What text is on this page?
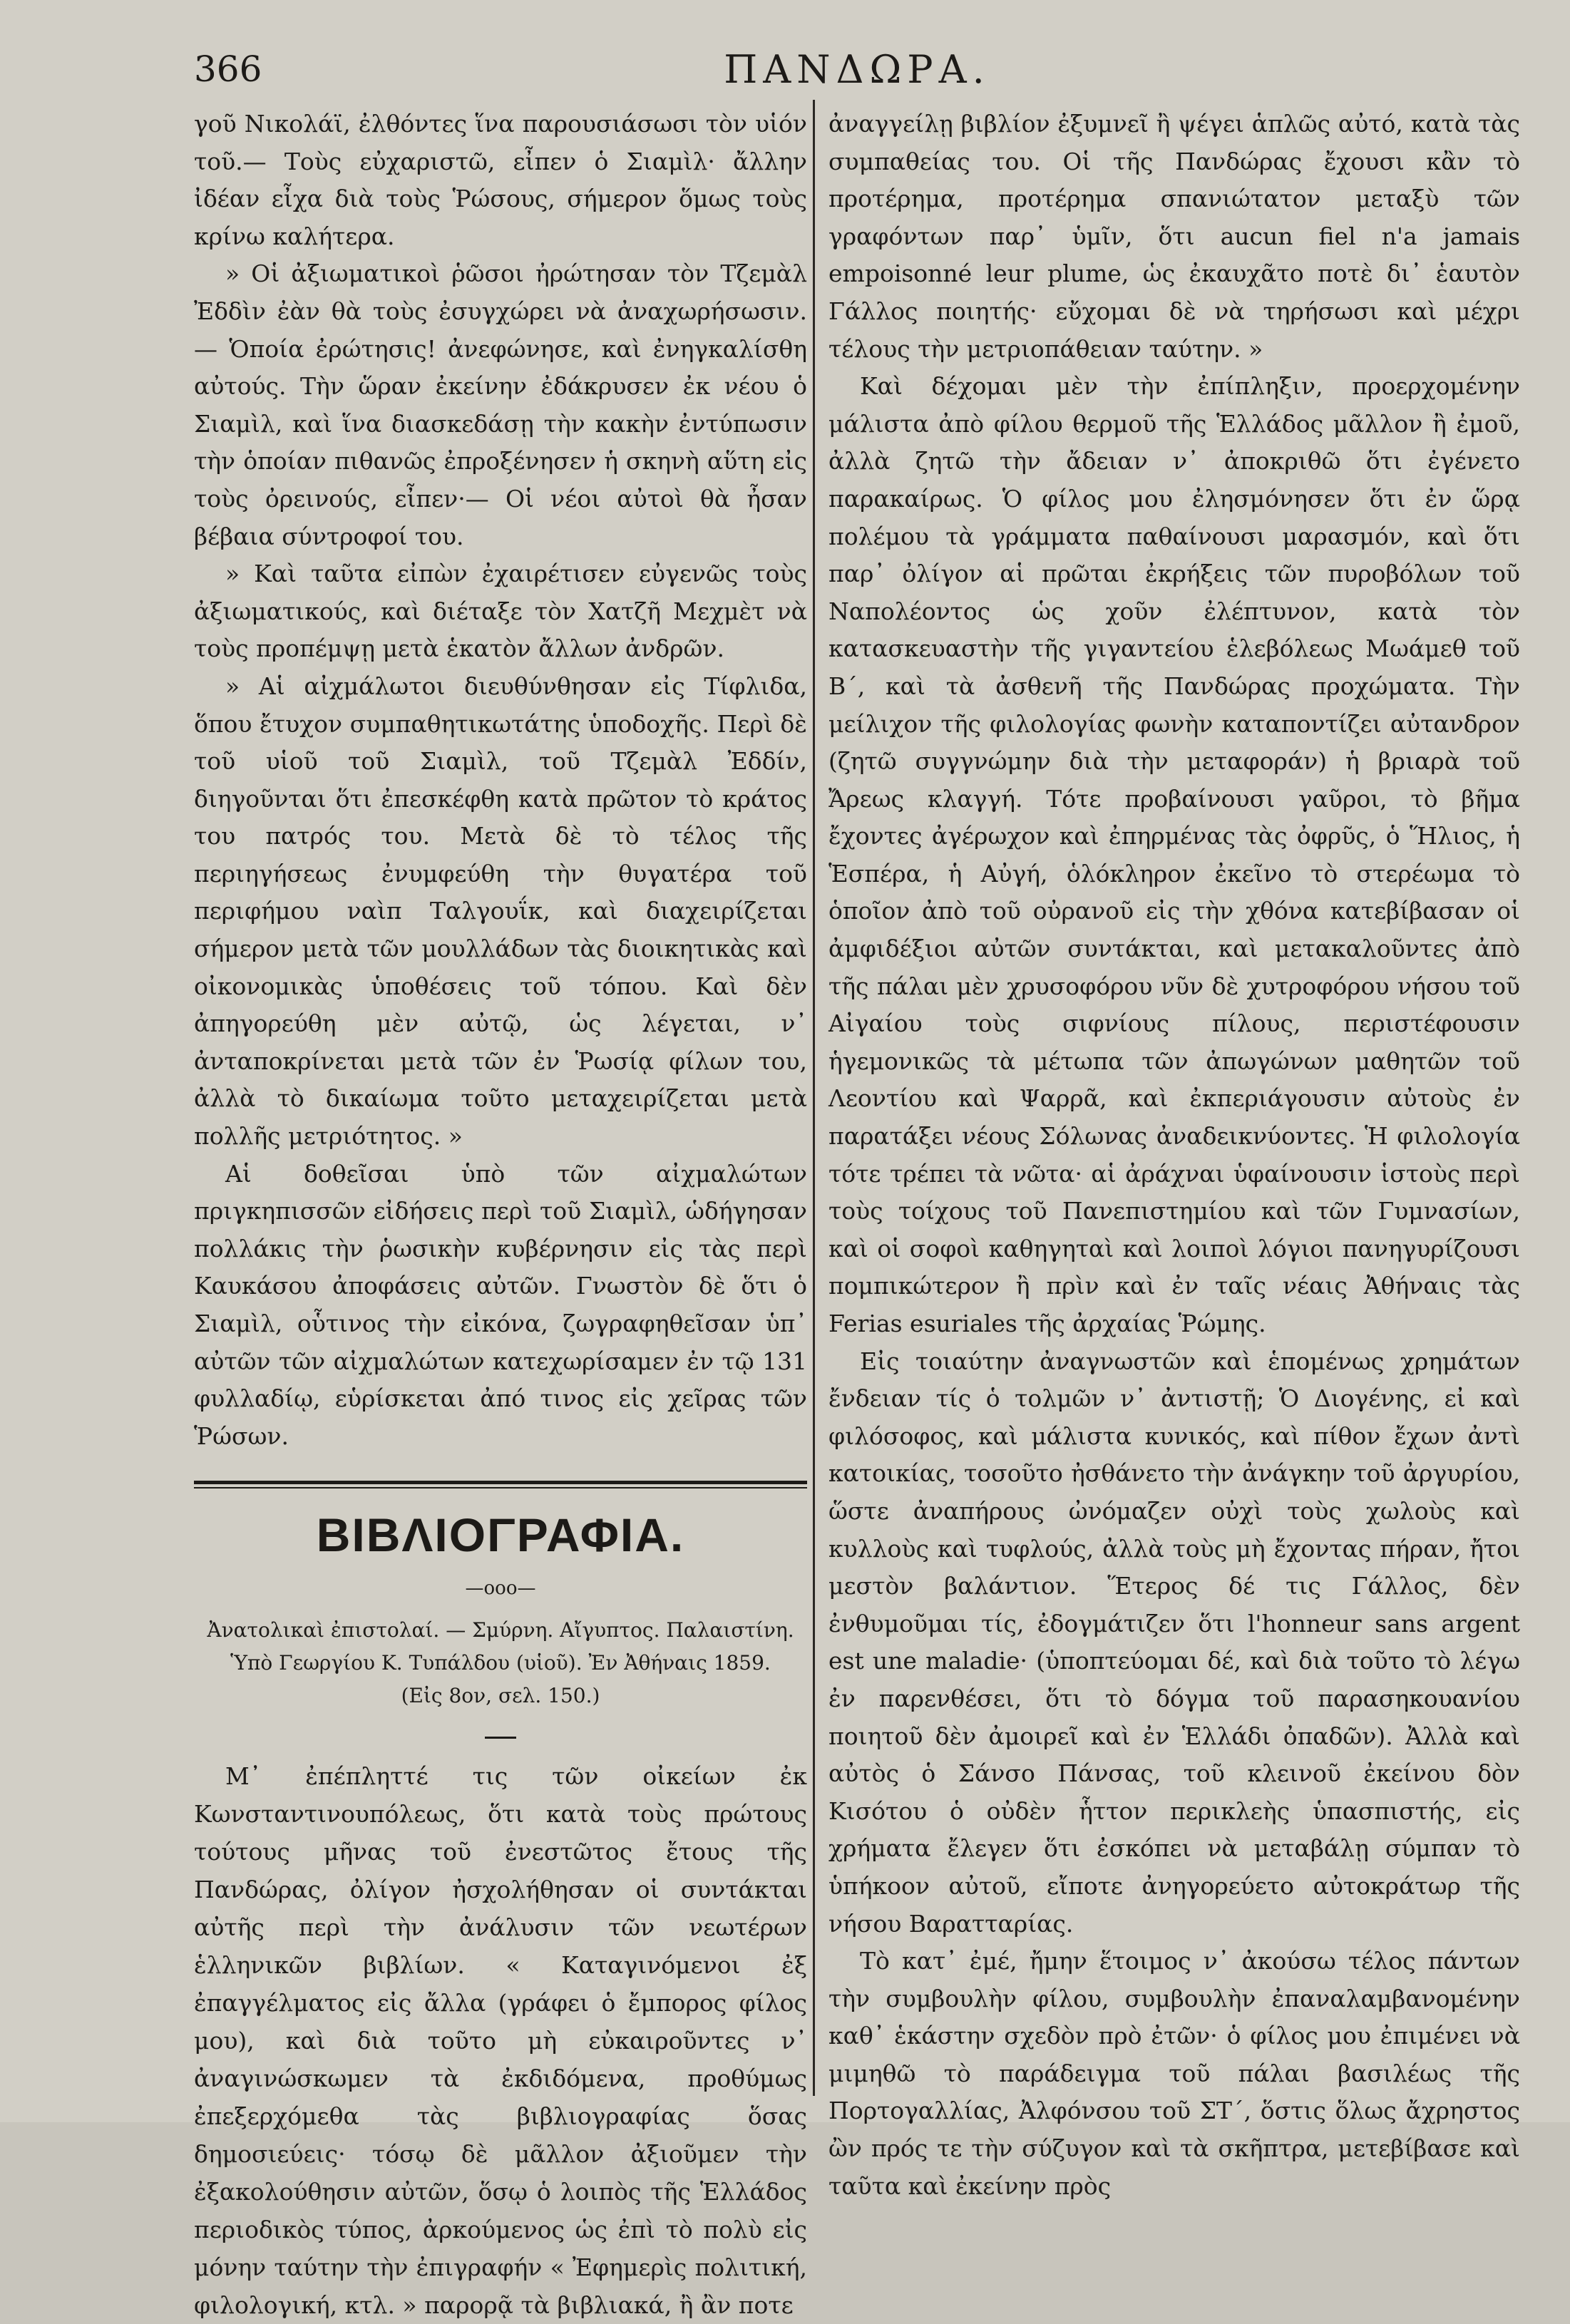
366	ΠΑΝΔΩΡΑ.

γοῦ Νικολάϊ, ἐλθόντες ἵνα παρουσιάσωσι τὸν υἱόν τοῦ.— Τοὺς εὐχαριστῶ, εἶπεν ὁ Σιαμὶλ· ἄλλην ἰδέαν εἶχα διὰ τοὺς Ῥώσους, σήμερον ὅμως τοὺς κρίνω καλήτερα.

» Οἱ ἀξιωματικοὶ ῥῶσοι ἠρώτησαν τὸν Τζεμὰλ Ἐδδὶν ἐὰν θὰ τοὺς ἐσυγχώρει νὰ ἀναχωρήσωσιν.— Ὁποία ἐρώτησις! ἀνεφώνησε, καὶ ἐνηγκαλίσθη αὐτούς. Τὴν ὥραν ἐκείνην ἐδάκρυσεν ἐκ νέου ὁ Σιαμὶλ, καὶ ἵνα διασκεδάσῃ τὴν κακὴν ἐντύπωσιν τὴν ὁποίαν πιθανῶς ἐπροξένησεν ἡ σκηνὴ αὕτη εἰς τοὺς ὀρεινούς, εἶπεν·— Οἱ νέοι αὐτοὶ θὰ ἦσαν βέβαια σύντροφοί του.

» Καὶ ταῦτα εἰπὼν ἐχαιρέτισεν εὐγενῶς τοὺς ἀξιωματικούς, καὶ διέταξε τὸν Χατζῆ Μεχμὲτ νὰ τοὺς προπέμψῃ μετὰ ἑκατὸν ἄλλων ἀνδρῶν.

» Αἱ αἰχμάλωτοι διευθύνθησαν εἰς Τίφλιδα, ὅπου ἔτυχον συμπαθητικωτάτης ὑποδοχῆς. Περὶ δὲ τοῦ υἱοῦ τοῦ Σιαμὶλ, τοῦ Τζεμὰλ Ἐδδίν, διηγοῦνται ὅτι ἐπεσκέφθη κατὰ πρῶτον τὸ κράτος του πατρός του. Μετὰ δὲ τὸ τέλος τῆς περιηγήσεως ἐνυμφεύθη τὴν θυγατέρα τοῦ περιφήμου ναὶπ Ταλγουΐκ, καὶ διαχειρίζεται σήμερον μετὰ τῶν μουλλάδων τὰς διοικητικὰς καὶ οἰκονομικὰς ὑποθέσεις τοῦ τόπου. Καὶ δὲν ἀπηγορεύθη μὲν αὐτῷ, ὡς λέγεται, ν᾽ ἀνταποκρίνεται μετὰ τῶν ἐν Ῥωσίᾳ φίλων του, ἀλλὰ τὸ δικαίωμα τοῦτο μεταχειρίζεται μετὰ πολλῆς μετριότητος. »

Αἱ δοθεῖσαι ὑπὸ τῶν αἰχμαλώτων πριγκηπισσῶν εἰδήσεις περὶ τοῦ Σιαμὶλ, ὡδήγησαν πολλάκις τὴν ῥωσικὴν κυβέρνησιν εἰς τὰς περὶ Καυκάσου ἀποφάσεις αὐτῶν. Γνωστὸν δὲ ὅτι ὁ Σιαμὶλ, οὗτινος τὴν εἰκόνα, ζωγραφηθεῖσαν ὑπ᾽ αὐτῶν τῶν αἰχμαλώτων κατεχωρίσαμεν ἐν τῷ 131 φυλλαδίῳ, εὑρίσκεται ἀπό τινος εἰς χεῖρας τῶν Ῥώσων.

ΒΙΒΛΙΟΓΡΑΦΙΑ.
—οοο—
Ἀνατολικαὶ ἐπιστολαί. — Σμύρνη. Αἴγυπτος. Παλαιστίνη.
Ὑπὸ Γεωργίου Κ. Τυπάλδου (υἱοῦ). Ἐν Ἀθήναις 1859.
(Εἰς 8ον, σελ. 150.)

Μ᾽ ἐπέπληττέ τις τῶν οἰκείων ἐκ Κωνσταντινουπόλεως, ὅτι κατὰ τοὺς πρώτους τούτους μῆνας τοῦ ἐνεστῶτος ἔτους τῆς Πανδώρας, ὀλίγον ἠσχολήθησαν οἱ συντάκται αὐτῆς περὶ τὴν ἀνάλυσιν τῶν νεωτέρων ἑλληνικῶν βιβλίων. « Καταγινόμενοι ἐξ ἐπαγγέλματος εἰς ἄλλα (γράφει ὁ ἔμπορος φίλος μου), καὶ διὰ τοῦτο μὴ εὐκαιροῦντες ν᾽ ἀναγινώσκωμεν τὰ ἐκδιδόμενα, προθύμως ἐπεξερχόμεθα τὰς βιβλιογραφίας ὅσας δημοσιεύεις· τόσῳ δὲ μᾶλλον ἀξιοῦμεν τὴν ἐξακολούθησιν αὐτῶν, ὅσῳ ὁ λοιπὸς τῆς Ἑλλάδος περιοδικὸς τύπος, ἀρκούμενος ὡς ἐπὶ τὸ πολὺ εἰς μόνην ταύτην τὴν ἐπιγραφήν « Ἐφημερὶς πολιτική, φιλολογική, κτλ. » παρορᾷ τὰ βιβλιακά, ἢ ἂν ποτε

ἀναγγείλῃ βιβλίον ἐξυμνεῖ ἢ ψέγει ἁπλῶς αὐτό, κατὰ τὰς συμπαθείας του. Οἱ τῆς Πανδώρας ἔχουσι κἂν τὸ προτέρημα, προτέρημα σπανιώτατον μεταξὺ τῶν γραφόντων παρ᾽ ὑμῖν, ὅτι aucun fiel n'a jamais empoisonné leur plume, ὡς ἐκαυχᾶτο ποτὲ δι᾽ ἑαυτὸν Γάλλος ποιητής· εὔχομαι δὲ νὰ τηρήσωσι καὶ μέχρι τέλους τὴν μετριοπάθειαν ταύτην. »

Καὶ δέχομαι μὲν τὴν ἐπίπληξιν, προερχομένην μάλιστα ἀπὸ φίλου θερμοῦ τῆς Ἑλλάδος μᾶλλον ἢ ἐμοῦ, ἀλλὰ ζητῶ τὴν ἄδειαν ν᾽ ἀποκριθῶ ὅτι ἐγένετο παρακαίρως. Ὁ φίλος μου ἐλησμόνησεν ὅτι ἐν ὥρᾳ πολέμου τὰ γράμματα παθαίνουσι μαρασμόν, καὶ ὅτι παρ᾽ ὀλίγον αἱ πρῶται ἐκρήξεις τῶν πυροβόλων τοῦ Ναπολέοντος ὡς χοῦν ἐλέπτυνον, κατὰ τὸν κατασκευαστὴν τῆς γιγαντείου ἑλεβόλεως Μωάμεθ τοῦ Β΄, καὶ τὰ ἀσθενῆ τῆς Πανδώρας προχώματα. Τὴν μείλιχον τῆς φιλολογίας φωνὴν καταποντίζει αὐτανδρον (ζητῶ συγγνώμην διὰ τὴν μεταφοράν) ἡ βριαρὰ τοῦ Ἄρεως κλαγγή. Τότε προβαίνουσι γαῦροι, τὸ βῆμα ἔχοντες ἀγέρωχον καὶ ἐπηρμένας τὰς ὀφρῦς, ὁ Ἥλιος, ἡ Ἑσπέρα, ἡ Αὐγή, ὁλόκληρον ἐκεῖνο τὸ στερέωμα τὸ ὁποῖον ἀπὸ τοῦ οὐρανοῦ εἰς τὴν χθόνα κατεβίβασαν οἱ ἀμφιδέξιοι αὐτῶν συντάκται, καὶ μετακαλοῦντες ἀπὸ τῆς πάλαι μὲν χρυσοφόρου νῦν δὲ χυτροφόρου νήσου τοῦ Αἰγαίου τοὺς σιφνίους πίλους, περιστέφουσιν ἡγεμονικῶς τὰ μέτωπα τῶν ἀπωγώνων μαθητῶν τοῦ Λεοντίου καὶ Ψαρρᾶ, καὶ ἐκπεριάγουσιν αὐτοὺς ἐν παρατάξει νέους Σόλωνας ἀναδεικνύοντες. Ἡ φιλολογία τότε τρέπει τὰ νῶτα· αἱ ἀράχναι ὑφαίνουσιν ἱστοὺς περὶ τοὺς τοίχους τοῦ Πανεπιστημίου καὶ τῶν Γυμνασίων, καὶ οἱ σοφοὶ καθηγηταὶ καὶ λοιποὶ λόγιοι πανηγυρίζουσι πομπικώτερον ἢ πρὶν καὶ ἐν ταῖς νέαις Ἀθήναις τὰς Ferias esuriales τῆς ἀρχαίας Ῥώμης.

Εἰς τοιαύτην ἀναγνωστῶν καὶ ἑπομένως χρημάτων ἔνδειαν τίς ὁ τολμῶν ν᾽ ἀντιστῇ; Ὁ Διογένης, εἰ καὶ φιλόσοφος, καὶ μάλιστα κυνικός, καὶ πίθον ἔχων ἀντὶ κατοικίας, τοσοῦτο ἠσθάνετο τὴν ἀνάγκην τοῦ ἀργυρίου, ὥστε ἀναπήρους ὠνόμαζεν οὐχὶ τοὺς χωλοὺς καὶ κυλλοὺς καὶ τυφλούς, ἀλλὰ τοὺς μὴ ἔχοντας πήραν, ἤτοι μεστὸν βαλάντιον. Ἕτερος δέ τις Γάλλος, δὲν ἐνθυμοῦμαι τίς, ἐδογμάτιζεν ὅτι l'honneur sans argent est une maladie· (ὑποπτεύομαι δέ, καὶ διὰ τοῦτο τὸ λέγω ἐν παρενθέσει, ὅτι τὸ δόγμα τοῦ παρασηκουανίου ποιητοῦ δὲν ἀμοιρεῖ καὶ ἐν Ἑλλάδι ὀπαδῶν). Ἀλλὰ καὶ αὐτὸς ὁ Σάνσο Πάνσας, τοῦ κλεινοῦ ἐκείνου δὸν Κισότου ὁ οὐδὲν ἧττον περικλεὴς ὑπασπιστής, εἰς χρήματα ἔλεγεν ὅτι ἐσκόπει νὰ μεταβάλῃ σύμπαν τὸ ὑπήκοον αὐτοῦ, εἴποτε ἀνηγορεύετο αὐτοκράτωρ τῆς νήσου Βαρατταρίας.

Τὸ κατ᾽ ἐμέ, ἤμην ἕτοιμος ν᾽ ἀκούσω τέλος πάντων τὴν συμβουλὴν φίλου, συμβουλὴν ἐπαναλαμβανομένην καθ᾽ ἑκάστην σχεδὸν πρὸ ἐτῶν· ὁ φίλος μου ἐπιμένει νὰ μιμηθῶ τὸ παράδειγμα τοῦ πάλαι βασιλέως τῆς Πορτογαλλίας, Ἀλφόνσου τοῦ ΣΤ΄, ὅστις ὅλως ἄχρηστος ὢν πρός τε τὴν σύζυγον καὶ τὰ σκῆπτρα, μετεβίβασε καὶ ταῦτα καὶ ἐκείνην πρὸς
